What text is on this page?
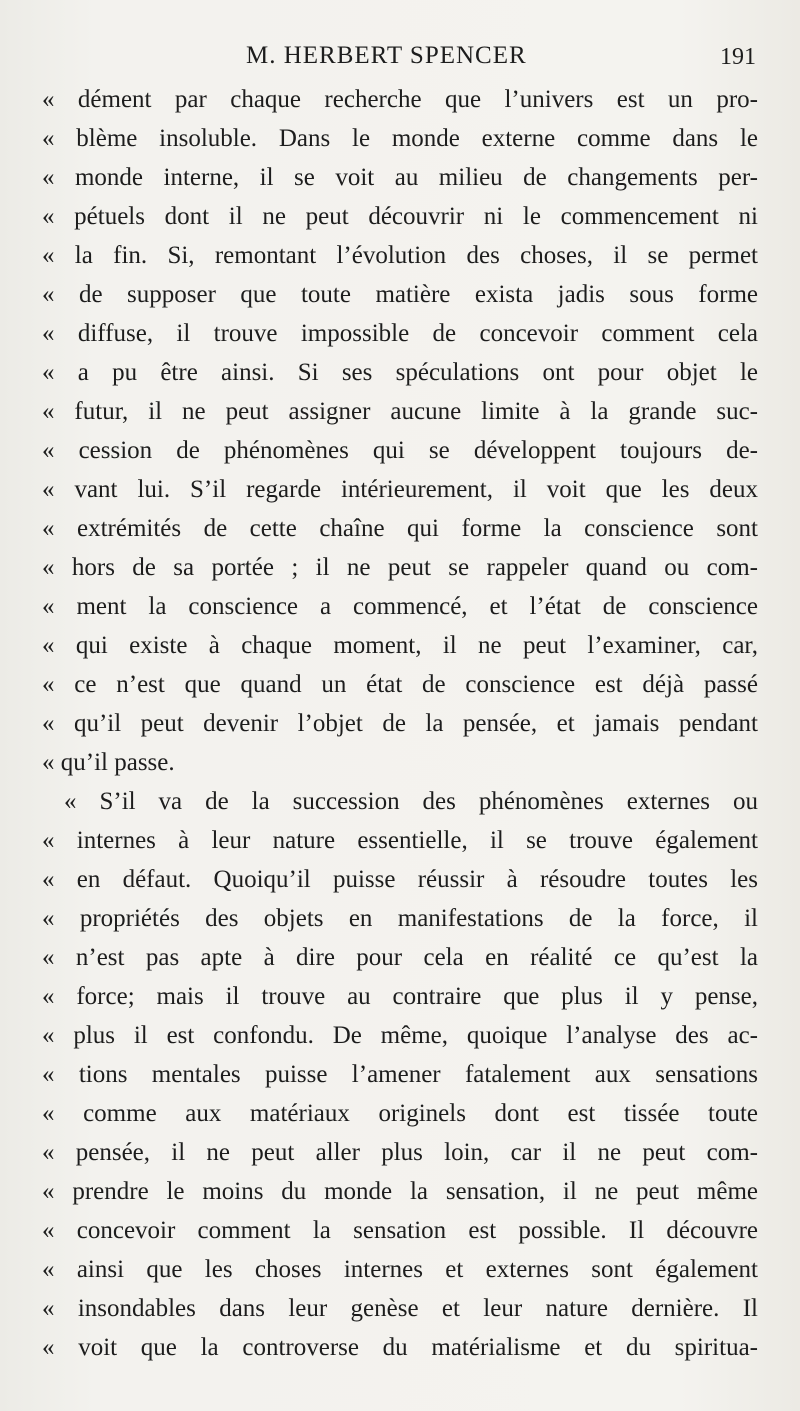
M. HERBERT SPENCER	191
« dément par chaque recherche que l’univers est un pro-
« blème insoluble. Dans le monde externe comme dans le
« monde interne, il se voit au milieu de changements per-
« pétuels dont il ne peut découvrir ni le commencement ni
« la fin. Si, remontant l’évolution des choses, il se permet
« de supposer que toute matière exista jadis sous forme
« diffuse, il trouve impossible de concevoir comment cela
« a pu être ainsi. Si ses spéculations ont pour objet le
« futur, il ne peut assigner aucune limite à la grande suc-
« cession de phénomènes qui se développent toujours de-
« vant lui. S’il regarde intérieurement, il voit que les deux
« extrémités de cette chaîne qui forme la conscience sont
« hors de sa portée ; il ne peut se rappeler quand ou com-
« ment la conscience a commencé, et l’état de conscience
« qui existe à chaque moment, il ne peut l’examiner, car,
« ce n’est que quand un état de conscience est déjà passé
« qu’il peut devenir l’objet de la pensée, et jamais pendant
« qu’il passe.
« S’il va de la succession des phénomènes externes ou
« internes à leur nature essentielle, il se trouve également
« en défaut. Quoiqu’il puisse réussir à résoudre toutes les
« propriétés des objets en manifestations de la force, il
« n’est pas apte à dire pour cela en réalité ce qu’est la
« force; mais il trouve au contraire que plus il y pense,
« plus il est confondu. De même, quoique l’analyse des ac-
« tions mentales puisse l’amener fatalement aux sensations
« comme aux matériaux originels dont est tissée toute
« pensée, il ne peut aller plus loin, car il ne peut com-
« prendre le moins du monde la sensation, il ne peut même
« concevoir comment la sensation est possible. Il découvre
« ainsi que les choses internes et externes sont également
« insondables dans leur genèse et leur nature dernière. Il
« voit que la controverse du matérialisme et du spiritua-
